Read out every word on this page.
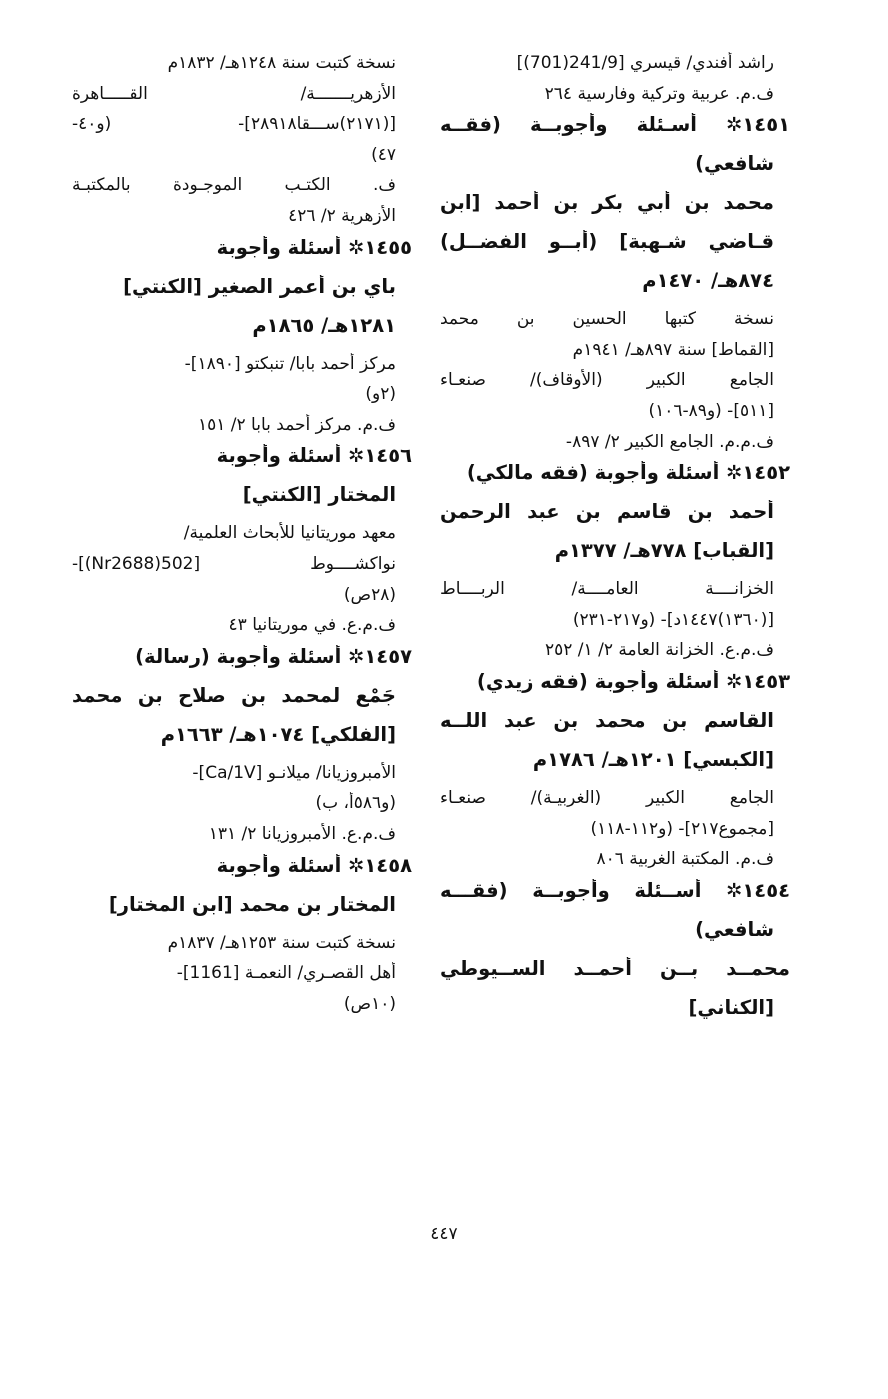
راشد أفندي/ قيسري [241/9(701)]
ف.م. عربية وتركية وفارسية ٢٦٤
١٤٥١✲ أسـئلة وأجوبــة (فقــه
شافعي)
محمد بن أبي بكر بن أحمد [ابن
قـاضي شـهبة] (أبــو الفضــل)
٨٧٤هـ/ ١٤٧٠م
نسخة كتبها الحسين بن محمد
[القماط] سنة ٨٩٧هـ/ ١٩٤١م
الجامع الكبير (الأوقاف)/ صنعـاء
[٥١١]- (و٨٩-١٠٦)
ف.م.م. الجامع الكبير ٢/ ٨٩٧-
١٤٥٢✲ أسئلة وأجوبة (فقه مالكي)
أحمد بن قاسم بن عبد الرحمن
[القباب] ٧٧٨هـ/ ١٣٧٧م
الخزانــــة العامــــة/ الربــــاط
[(١٣٦٠)١٤٤٧د]- (و٢١٧-٢٣١)
ف.م.ع. الخزانة العامة ٢/ ١/ ٢٥٢
١٤٥٣✲ أسئلة وأجوبة (فقه زيدي)
القاسم بن محمد بن عبد اللــه
[الكبسي] ١٢٠١هـ/ ١٧٨٦م
الجامع الكبير (الغربيـة)/ صنعـاء
[مجموع٢١٧]- (و١١٢-١١٨)
ف.م. المكتبة الغربية ٨٠٦
١٤٥٤✲ أســئلة وأجوبــة (فقـــه
شافعي)
محمــد بــن أحمــد الســيوطي
[الكناني]
نسخة كتبت سنة ١٢٤٨هـ/ ١٨٣٢م
الأزهريـــــــة/ القـــــاهرة
[(٢١٧١)ســـقا٢٨٩١٨]- (و٤٠-
٤٧)
ف. الكتـب الموجـودة بالمكتبـة
الأزهرية ٢/ ٤٢٦
١٤٥٥✲ أسئلة وأجوبة
باي بن أعمر الصغير [الكنتي]
١٢٨١هـ/ ١٨٦٥م
مركز أحمد بابا/ تنبكتو [١٨٩٠]-
(٢و)
ف.م. مركز أحمد بابا ٢/ ١٥١
١٤٥٦✲ أسئلة وأجوبة
المختار [الكنتي]
معهد موريتانيا للأبحاث العلمية/
نواكشــــوط [502(Nr2688)]-
(٢٨ص)
ف.م.ع. في موريتانيا ٤٣
١٤٥٧✲ أسئلة وأجوبة (رسالة)
جَمْع لمحمد بن صلاح بن محمد
[الفلكي] ١٠٧٤هـ/ ١٦٦٣م
الأمبروزيانا/ ميلانـو [Ca/1V]-
(و٥٨٦أ، ب)
ف.م.ع. الأمبروزيانا ٢/ ١٣١
١٤٥٨✲ أسئلة وأجوبة
المختار بن محمد [ابن المختار]
نسخة كتبت سنة ١٢٥٣هـ/ ١٨٣٧م
أهل القصـري/ النعمـة [1161]-
(١٠ص)
٤٤٧
